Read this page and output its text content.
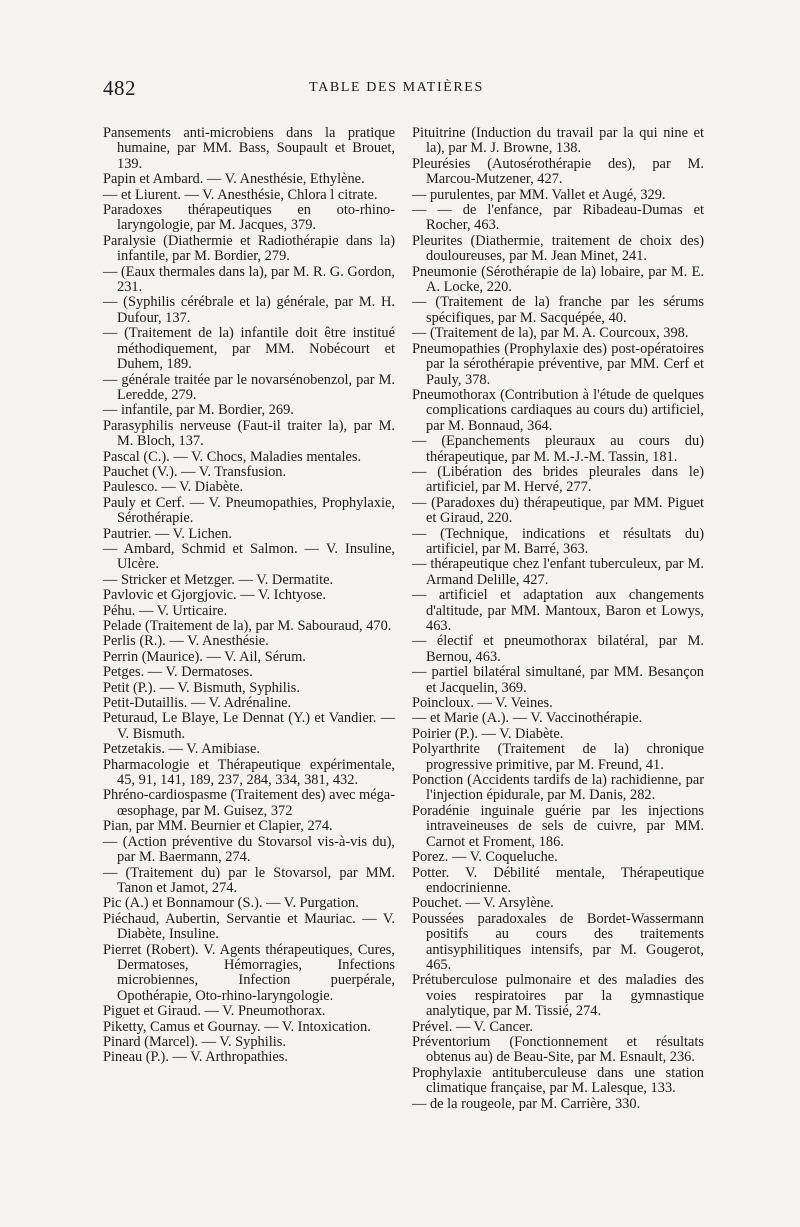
482	TABLE DES MATIÈRES

Pansements anti-microbiens dans la pratique humaine, par MM. Bass, Soupault et Brouet, 139.

Papin et Ambard. — V. Anesthésie, Ethylène.

— et Liurent. — V. Anesthésie, Chlora l citrate.

Paradoxes thérapeutiques en oto-rhino-laryngologie, par M. Jacques, 379.

Paralysie (Diathermie et Radiothérapie dans la) infantile, par M. Bordier, 279.

— (Eaux thermales dans la), par M. R. G. Gordon, 231.

— (Syphilis cérébrale et la) générale, par M. H. Dufour, 137.

— (Traitement de la) infantile doit être institué méthodiquement, par MM. Nobécourt et Duhem, 189.

— générale traitée par le novarsénobenzol, par M. Leredde, 279.

— infantile, par M. Bordier, 269.

Parasyphilis nerveuse (Faut-il traiter la), par M. M. Bloch, 137.

Pascal (C.). — V. Chocs, Maladies mentales.

Pauchet (V.). — V. Transfusion.

Paulesco. — V. Diabète.

Pauly et Cerf. — V. Pneumopathies, Prophylaxie, Sérothérapie.

Pautrier. — V. Lichen.

— Ambard, Schmid et Salmon. — V. Insuline, Ulcère.

— Stricker et Metzger. — V. Dermatite.

Pavlovic et Gjorgjovic. — V. Ichtyose.

Péhu. — V. Urticaire.

Pelade (Traitement de la), par M. Sabouraud, 470.

Perlis (R.). — V. Anesthésie.

Perrin (Maurice). — V. Ail, Sérum.

Petges. — V. Dermatoses.

Petit (P.). — V. Bismuth, Syphilis.

Petit-Dutaillis. — V. Adrénaline.

Peturaud, Le Blaye, Le Dennat (Y.) et Vandier. — V. Bismuth.

Petzetakis. — V. Amibiase.

Pharmacologie et Thérapeutique expérimentale, 45, 91, 141, 189, 237, 284, 334, 381, 432.

Phréno-cardiospasme (Traitement des) avec méga-œsophage, par M. Guisez, 372

Pian, par MM. Beurnier et Clapier, 274.

— (Action préventive du Stovarsol vis-à-vis du), par M. Baermann, 274.

— (Traitement du) par le Stovarsol, par MM. Tanon et Jamot, 274.

Pic (A.) et Bonnamour (S.). — V. Purgation.

Piéchaud, Aubertin, Servantie et Mauriac. — V. Diabète, Insuline.

Pierret (Robert). V. Agents thérapeutiques, Cures, Dermatoses, Hémorragies, Infections microbiennes, Infection puerpérale, Opothérapie, Oto-rhino-laryngologie.

Piguet et Giraud. — V. Pneumothorax.

Piketty, Camus et Gournay. — V. Intoxication.

Pinard (Marcel). — V. Syphilis.

Pineau (P.). — V. Arthropathies.

Pituitrine (Induction du travail par la qui nine et la), par M. J. Browne, 138.

Pleurésies (Autosérothérapie des), par M. Marcou-Mutzener, 427.

— purulentes, par MM. Vallet et Augé, 329.

— — de l'enfance, par Ribadeau-Dumas et Rocher, 463.

Pleurites (Diathermie, traitement de choix des) douloureuses, par M. Jean Minet, 241.

Pneumonie (Sérothérapie de la) lobaire, par M. E. A. Locke, 220.

— (Traitement de la) franche par les sérums spécifiques, par M. Sacquépée, 40.

— (Traitement de la), par M. A. Courcoux, 398.

Pneumopathies (Prophylaxie des) post-opératoires par la sérothérapie préventive, par MM. Cerf et Pauly, 378.

Pneumothorax (Contribution à l'étude de quelques complications cardiaques au cours du) artificiel, par M. Bonnaud, 364.

— (Epanchements pleuraux au cours du) thérapeutique, par M. M.-J.-M. Tassin, 181.

— (Libération des brides pleurales dans le) artificiel, par M. Hervé, 277.

— (Paradoxes du) thérapeutique, par MM. Piguet et Giraud, 220.

— (Technique, indications et résultats du) artificiel, par M. Barré, 363.

— thérapeutique chez l'enfant tuberculeux, par M. Armand Delille, 427.

— artificiel et adaptation aux changements d'altitude, par MM. Mantoux, Baron et Lowys, 463.

— électif et pneumothorax bilatéral, par M. Bernou, 463.

— partiel bilatéral simultané, par MM. Besançon et Jacquelin, 369.

Poincloux. — V. Veines.

— et Marie (A.). — V. Vaccinothérapie.

Poirier (P.). — V. Diabète.

Polyarthrite (Traitement de la) chronique progressive primitive, par M. Freund, 41.

Ponction (Accidents tardifs de la) rachidienne, par l'injection épidurale, par M. Danis, 282.

Poradénie inguinale guérie par les injections intraveineuses de sels de cuivre, par MM. Carnot et Froment, 186.

Porez. — V. Coqueluche.

Potter. V. Débilité mentale, Thérapeutique endocrinienne.

Pouchet. — V. Arsylène.

Poussées paradoxales de Bordet-Wassermann positifs au cours des traitements antisyphilitiques intensifs, par M. Gougerot, 465.

Prétuberculose pulmonaire et des maladies des voies respiratoires par la gymnastique analytique, par M. Tissié, 274.

Prével. — V. Cancer.

Préventorium (Fonctionnement et résultats obtenus au) de Beau-Site, par M. Esnault, 236.

Prophylaxie antituberculeuse dans une station climatique française, par M. Lalesque, 133.

— de la rougeole, par M. Carrière, 330.
